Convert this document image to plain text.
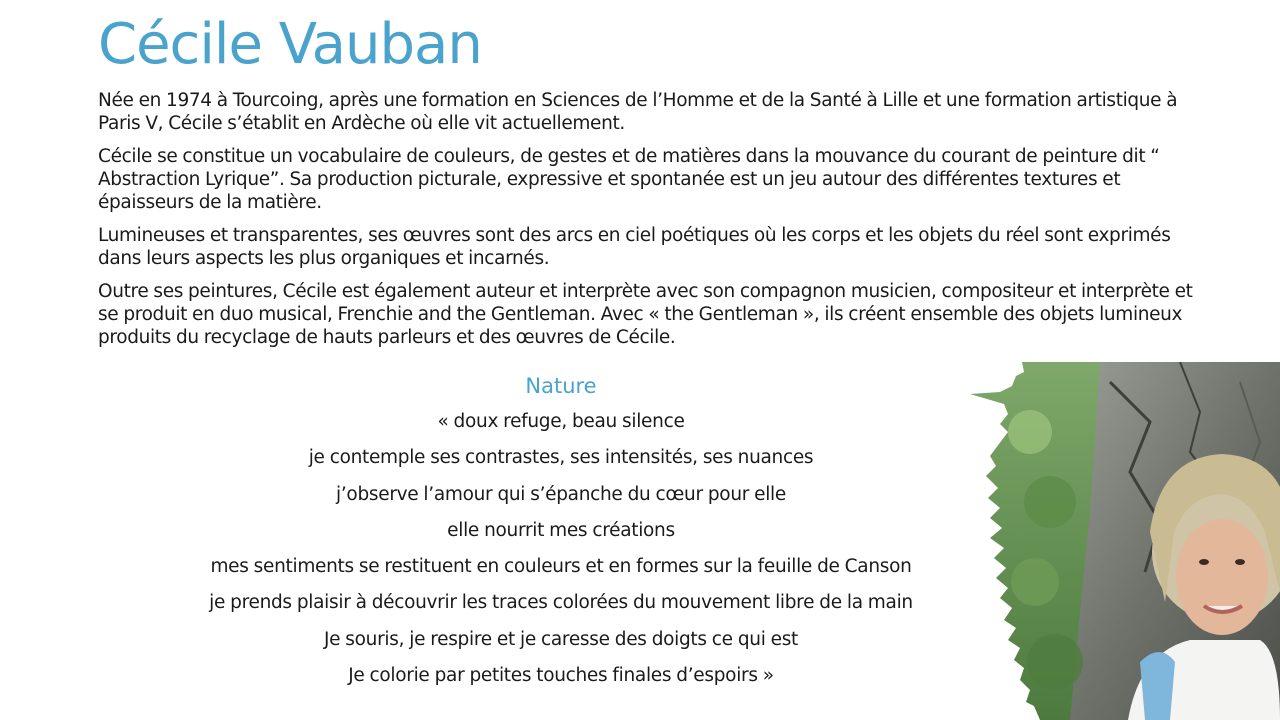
Cécile Vauban

Née en 1974 à Tourcoing, après une formation en Sciences de l’Homme et de la Santé à Lille et une formation artistique à Paris V, Cécile s’établit en Ardèche où elle vit actuellement.

Cécile se constitue un vocabulaire de couleurs, de gestes et de matières dans la mouvance du courant de peinture dit “ Abstraction Lyrique”. Sa production picturale, expressive et spontanée est un jeu autour des différentes textures et épaisseurs de la matière.

Lumineuses et transparentes, ses œuvres sont des arcs en ciel poétiques où les corps et les objets du réel sont exprimés dans leurs aspects les plus organiques et incarnés.

Outre ses peintures, Cécile est également auteur et interprète avec son compagnon musicien, compositeur et interprète et se produit en duo musical, Frenchie and the Gentleman. Avec « the Gentleman », ils créent ensemble des objets lumineux produits du recyclage de hauts parleurs et des œuvres de Cécile.

Nature

« doux refuge, beau silence

je contemple ses contrastes, ses intensités, ses nuances

j’observe l’amour qui s’épanche du cœur pour elle

elle nourrit mes créations

mes sentiments se restituent en couleurs et en formes sur la feuille de Canson

je prends plaisir à découvrir les traces colorées du mouvement libre de la main

Je souris, je respire et je caresse des doigts ce qui est

Je colorie par petites touches finales d’espoirs »
